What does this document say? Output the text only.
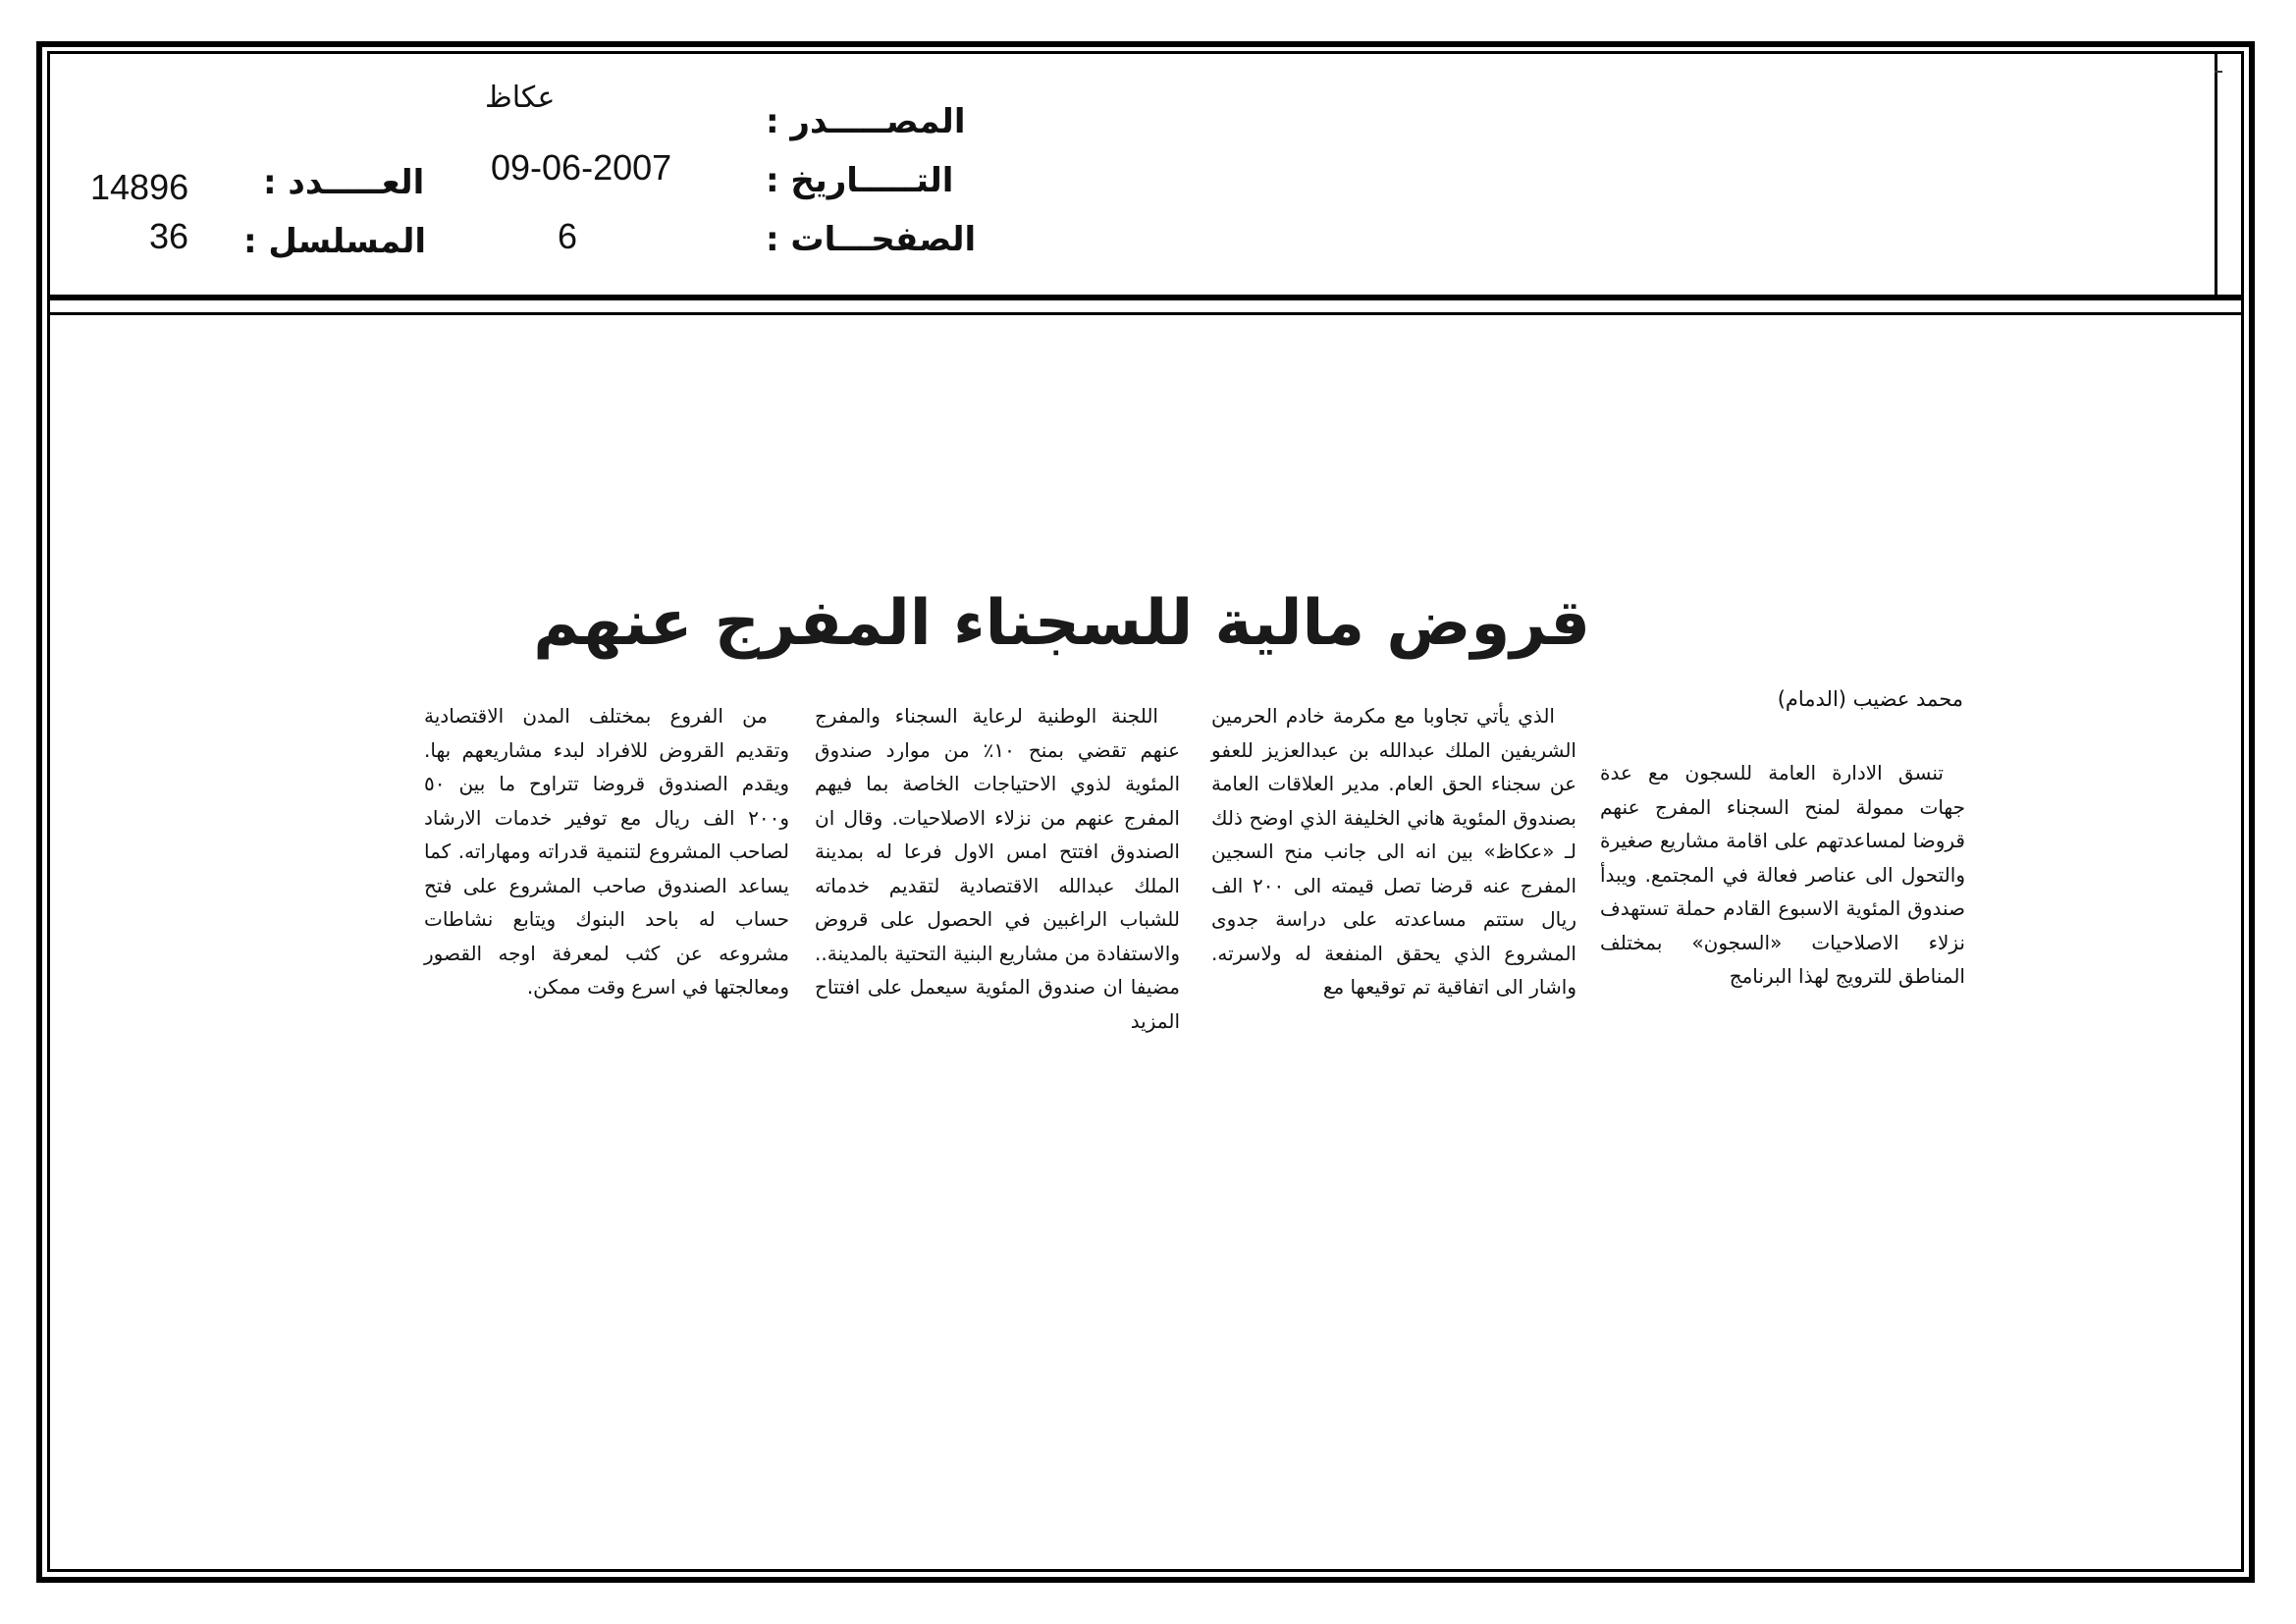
المصـــــدر :
عكاظ
التـــــاريخ :
09-06-2007
الصفحـــات :
6
العـــــدد :
14896
المسلسل :
36
قروض مالية للسجناء المفرج عنهم
محمد عضيب (الدمام)

تنسق الادارة العامة للسجون مع عدة جهات ممولة لمنح السجناء المفرج عنهم قروضا لمساعدتهم على اقامة مشاريع صغيرة والتحول الى عناصر فعالة في المجتمع. ويبدأ صندوق المئوية الاسبوع القادم حملة تستهدف نزلاء الاصلاحيات «السجون» بمختلف المناطق للترويج لهذا البرنامج

الذي يأتي تجاوبا مع مكرمة خادم الحرمين الشريفين الملك عبدالله بن عبدالعزيز للعفو عن سجناء الحق العام. مدير العلاقات العامة بصندوق المئوية هاني الخليفة الذي اوضح ذلك لـ «عكاظ» بين انه الى جانب منح السجين المفرج عنه قرضا تصل قيمته الى ٢٠٠ الف ريال ستتم مساعدته على دراسة جدوى المشروع الذي يحقق المنفعة له ولاسرته. واشار الى اتفاقية تم توقيعها مع

اللجنة الوطنية لرعاية السجناء والمفرج عنهم تقضي بمنح ١٠٪ من موارد صندوق المئوية لذوي الاحتياجات الخاصة بما فيهم المفرج عنهم من نزلاء الاصلاحيات. وقال ان الصندوق افتتح امس الاول فرعا له بمدينة الملك عبدالله الاقتصادية لتقديم خدماته للشباب الراغبين في الحصول على قروض والاستفادة من مشاريع البنية التحتية بالمدينة.. مضيفا ان صندوق المئوية سيعمل على افتتاح المزيد

من الفروع بمختلف المدن الاقتصادية وتقديم القروض للافراد لبدء مشاريعهم بها. ويقدم الصندوق قروضا تتراوح ما بين ٥٠ و٢٠٠ الف ريال مع توفير خدمات الارشاد لصاحب المشروع لتنمية قدراته ومهاراته. كما يساعد الصندوق صاحب المشروع على فتح حساب له باحد البنوك ويتابع نشاطات مشروعه عن كثب لمعرفة اوجه القصور ومعالجتها في اسرع وقت ممكن.
